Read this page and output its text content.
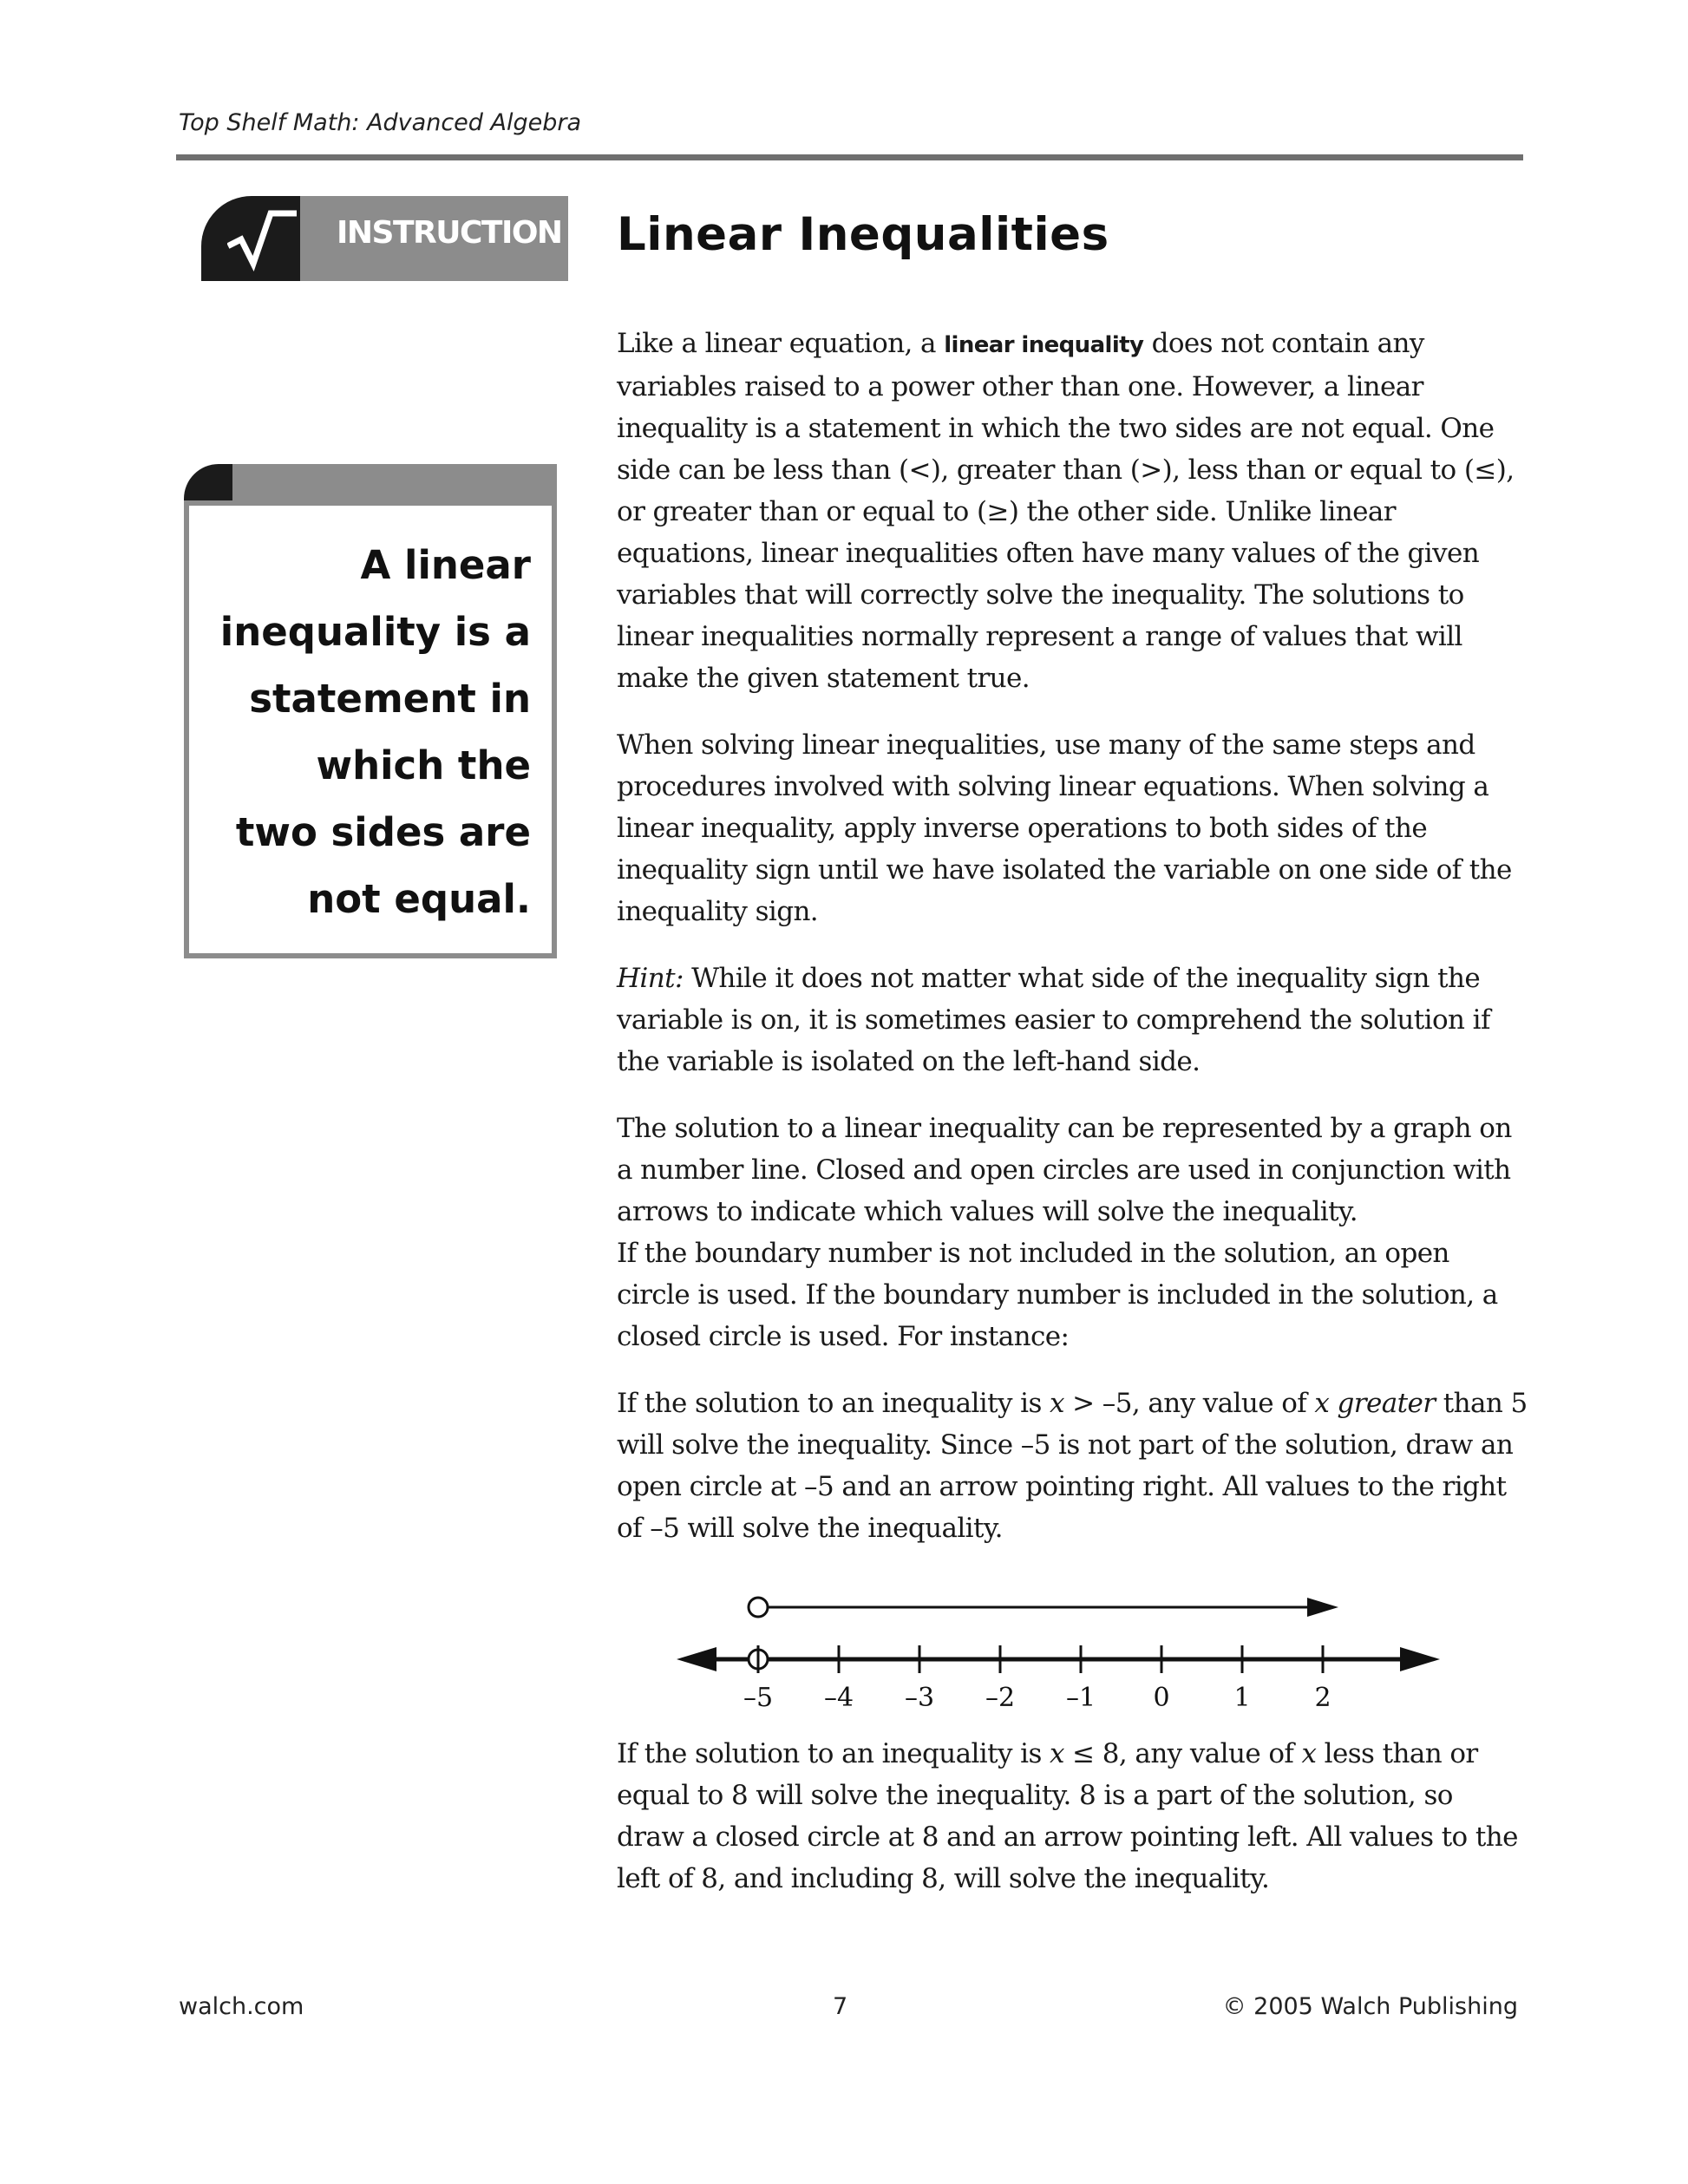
Top Shelf Math: Advanced Algebra
INSTRUCTION Linear Inequalities
A linear
inequality is a
statement in
which the
two sides are
not equal.

Like a linear equation, a linear inequality does not contain any variables raised to a power other than one. However, a linear inequality is a statement in which the two sides are not equal. One side can be less than (<), greater than (>), less than or equal to (≤), or greater than or equal to (≥) the other side. Unlike linear equations, linear inequalities often have many values of the given variables that will correctly solve the inequality. The solutions to linear inequalities normally represent a range of values that will make the given statement true.

When solving linear inequalities, use many of the same steps and procedures involved with solving linear equations. When solving a linear inequality, apply inverse operations to both sides of the inequality sign until we have isolated the variable on one side of the inequality sign.

Hint: While it does not matter what side of the inequality sign the variable is on, it is sometimes easier to comprehend the solution if the variable is isolated on the left-hand side.

The solution to a linear inequality can be represented by a graph on a number line. Closed and open circles are used in conjunction with arrows to indicate which values will solve the inequality.
If the boundary number is not included in the solution, an open circle is used. If the boundary number is included in the solution, a closed circle is used. For instance:

If the solution to an inequality is x > –5, any value of x greater than 5 will solve the inequality. Since –5 is not part of the solution, draw an open circle at –5 and an arrow pointing right. All values to the right of –5 will solve the inequality.

–5 –4 –3 –2 –1 0 1 2

If the solution to an inequality is x ≤ 8, any value of x less than or equal to 8 will solve the inequality. 8 is a part of the solution, so draw a closed circle at 8 and an arrow pointing left. All values to the left of 8, and including 8, will solve the inequality.

walch.com	7	© 2005 Walch Publishing
